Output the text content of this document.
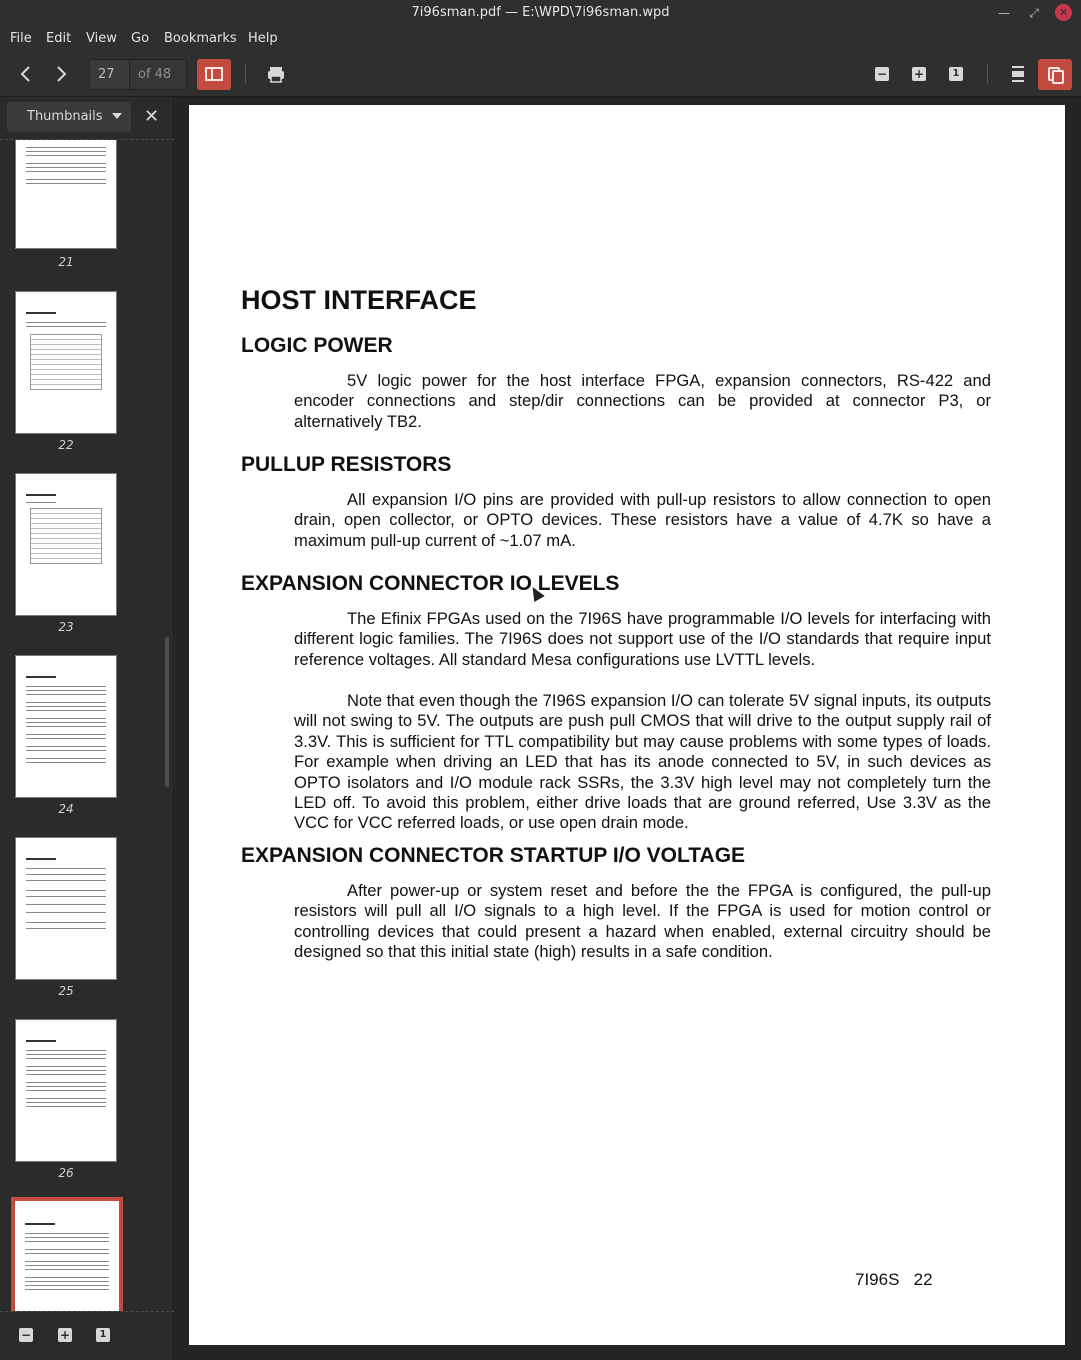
7i96sman.pdf — E:\WPD\7i96sman.wpd	—	⤢	✕
File Edit View Go Bookmarks Help
27	of 48	− +	1
Thumbnails ✕
21
22
23
24
25
26
− +	1
HOST INTERFACE
LOGIC POWER

5V logic power for the host interface FPGA, expansion connectors, RS-422 and encoder connections and step/dir connections can be provided at connector P3, or alternatively TB2.

PULLUP RESISTORS

All expansion I/O pins are provided with pull-up resistors to allow connection to open drain, open collector, or OPTO devices. These resistors have a value of 4.7K so have a maximum pull-up current of ~1.07 mA.

EXPANSION CONNECTOR IO LEVELS

The Efinix FPGAs used on the 7I96S have programmable I/O levels for interfacing with different logic families. The 7I96S does not support use of the I/O standards that require input reference voltages. All standard Mesa configurations use LVTTL levels.

Note that even though the 7I96S expansion I/O can tolerate 5V signal inputs, its outputs will not swing to 5V. The outputs are push pull CMOS that will drive to the output supply rail of 3.3V. This is sufficient for TTL compatibility but may cause problems with some types of loads. For example when driving an LED that has its anode connected to 5V, in such devices as OPTO isolators and I/O module rack SSRs, the 3.3V high level may not completely turn the LED off. To avoid this problem, either drive loads that are ground referred, Use 3.3V as the VCC for VCC referred loads, or use open drain mode.

EXPANSION CONNECTOR STARTUP I/O VOLTAGE

After power-up or system reset and before the the FPGA is configured, the pull-up resistors will pull all I/O signals to a high level. If the FPGA is used for motion control or controlling devices that could present a hazard when enabled, external circuitry should be designed so that this initial state (high) results in a safe condition.

7I96S 22
